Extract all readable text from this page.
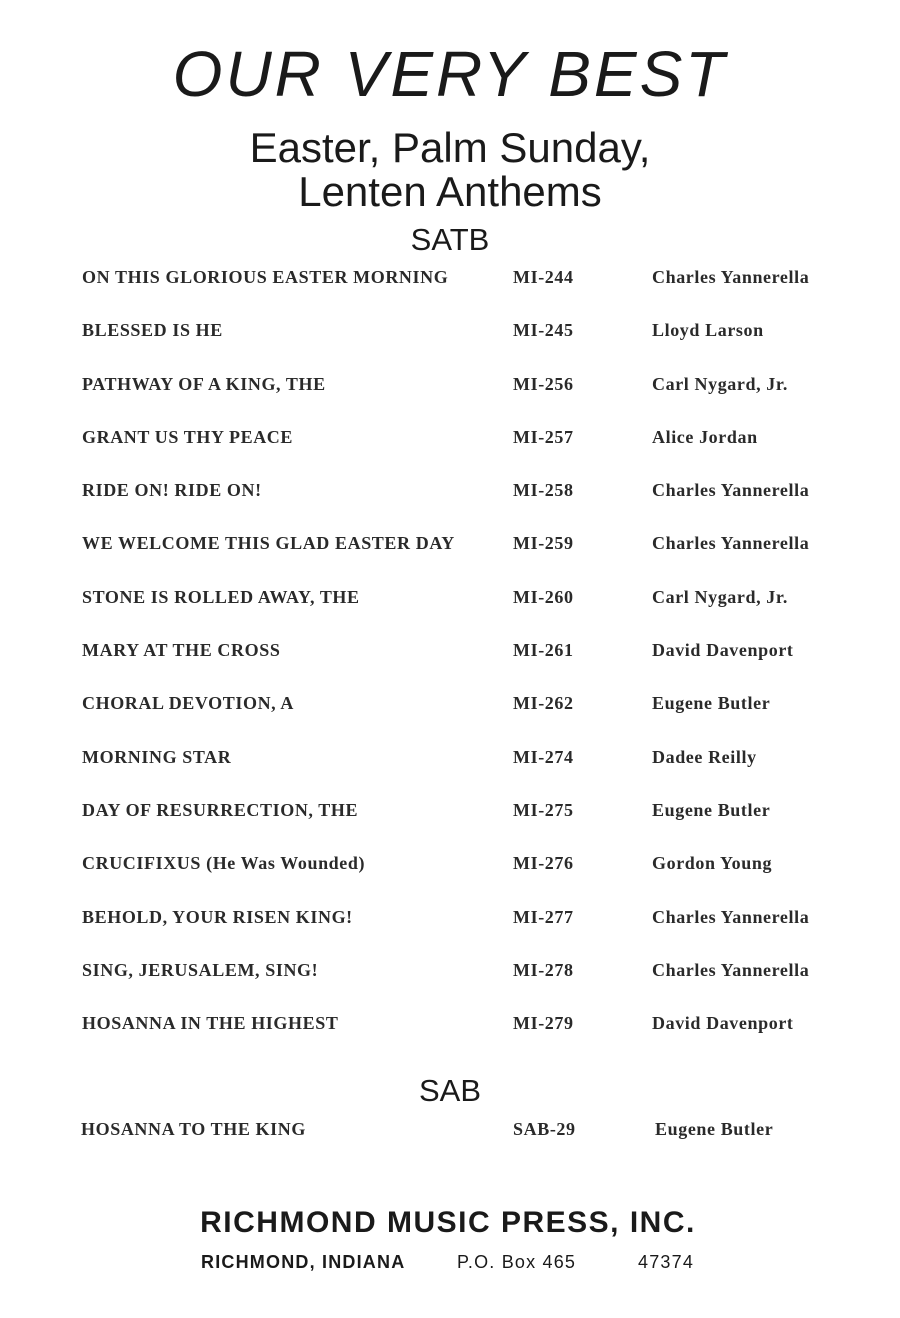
OUR VERY BEST
Easter, Palm Sunday,
Lenten Anthems
SATB
ON THIS GLORIOUS EASTER MORNING	MI-244	Charles Yannerella
BLESSED IS HE	MI-245	Lloyd Larson
PATHWAY OF A KING, THE	MI-256	Carl Nygard, Jr.
GRANT US THY PEACE	MI-257	Alice Jordan
RIDE ON! RIDE ON!	MI-258	Charles Yannerella
WE WELCOME THIS GLAD EASTER DAY	MI-259	Charles Yannerella
STONE IS ROLLED AWAY, THE	MI-260	Carl Nygard, Jr.
MARY AT THE CROSS	MI-261	David Davenport
CHORAL DEVOTION, A	MI-262	Eugene Butler
MORNING STAR	MI-274	Dadee Reilly
DAY OF RESURRECTION, THE	MI-275	Eugene Butler
CRUCIFIXUS (He Was Wounded)	MI-276	Gordon Young
BEHOLD, YOUR RISEN KING!	MI-277	Charles Yannerella
SING, JERUSALEM, SING!	MI-278	Charles Yannerella
HOSANNA IN THE HIGHEST	MI-279	David Davenport
SAB
HOSANNA TO THE KING	SAB-29	Eugene Butler
RICHMOND MUSIC PRESS, INC.
RICHMOND, INDIANA	P.O. Box 465	47374
